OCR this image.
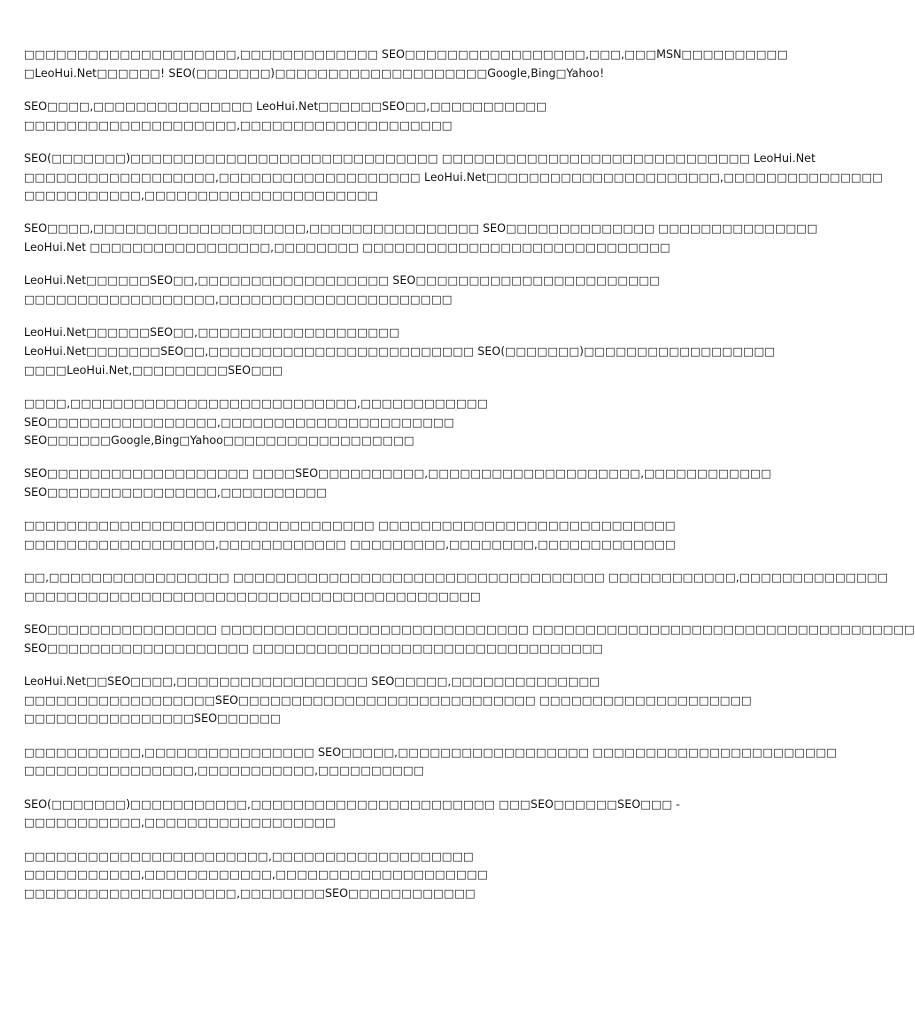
□□□□□□□□□□□□□□□□□□□□,□□□□□□□□□□□□□ SEO□□□□□□□□□□□□□□□□□,□□□,□□□MSN□□□□□□□□□□
□LeoHui.Net□□□□□□! SEO(□□□□□□□)□□□□□□□□□□□□□□□□□□□□Google,Bing□Yahoo!

SEO□□□□,□□□□□□□□□□□□□□□ LeoHui.Net□□□□□□SEO□□,□□□□□□□□□□□
□□□□□□□□□□□□□□□□□□□□,□□□□□□□□□□□□□□□□□□□□

SEO(□□□□□□□)□□□□□□□□□□□□□□□□□□□□□□□□□□□□□ □□□□□□□□□□□□□□□□□□□□□□□□□□□□□ LeoHui.Net
□□□□□□□□□□□□□□□□□□,□□□□□□□□□□□□□□□□□□□ LeoHui.Net□□□□□□□□□□□□□□□□□□□□□□,□□□□□□□□□□□□□□□
□□□□□□□□□□□,□□□□□□□□□□□□□□□□□□□□□□

SEO□□□□,□□□□□□□□□□□□□□□□□□□□,□□□□□□□□□□□□□□□□ SEO□□□□□□□□□□□□□□ □□□□□□□□□□□□□□□
LeoHui.Net □□□□□□□□□□□□□□□□□,□□□□□□□□ □□□□□□□□□□□□□□□□□□□□□□□□□□□□□

LeoHui.Net□□□□□□SEO□□,□□□□□□□□□□□□□□□□□□ SEO□□□□□□□□□□□□□□□□□□□□□□□
□□□□□□□□□□□□□□□□□□,□□□□□□□□□□□□□□□□□□□□□□

LeoHui.Net□□□□□□SEO□□,□□□□□□□□□□□□□□□□□□□
LeoHui.Net□□□□□□□SEO□□,□□□□□□□□□□□□□□□□□□□□□□□□□ SEO(□□□□□□□)□□□□□□□□□□□□□□□□□□
□□□□LeoHui.Net,□□□□□□□□□SEO□□□

□□□□,□□□□□□□□□□□□□□□□□□□□□□□□□□□,□□□□□□□□□□□□
SEO□□□□□□□□□□□□□□□□,□□□□□□□□□□□□□□□□□□□□□□
SEO□□□□□□Google,Bing□Yahoo□□□□□□□□□□□□□□□□□□

SEO□□□□□□□□□□□□□□□□□□□ □□□□SEO□□□□□□□□□□,□□□□□□□□□□□□□□□□□□□□,□□□□□□□□□□□□
SEO□□□□□□□□□□□□□□□□,□□□□□□□□□□

□□□□□□□□□□□□□□□□□□□□□□□□□□□□□□□□□ □□□□□□□□□□□□□□□□□□□□□□□□□□□□
□□□□□□□□□□□□□□□□□□,□□□□□□□□□□□□ □□□□□□□□□,□□□□□□□□,□□□□□□□□□□□□□

□□,□□□□□□□□□□□□□□□□□ □□□□□□□□□□□□□□□□□□□□□□□□□□□□□□□□□□□ □□□□□□□□□□□□,□□□□□□□□□□□□□□
□□□□□□□□□□□□□□□□□□□□□□□□□□□□□□□□□□□□□□□□□□□

SEO□□□□□□□□□□□□□□□□ □□□□□□□□□□□□□□□□□□□□□□□□□□□□□ □□□□□□□□□□□□□□□□□□□□□□□□□□□□□□□□□□□□
SEO□□□□□□□□□□□□□□□□□□□ □□□□□□□□□□□□□□□□□□□□□□□□□□□□□□□□□

LeoHui.Net□□SEO□□□□,□□□□□□□□□□□□□□□□□□ SEO□□□□□,□□□□□□□□□□□□□□
□□□□□□□□□□□□□□□□□□SEO□□□□□□□□□□□□□□□□□□□□□□□□□□□□ □□□□□□□□□□□□□□□□□□□□
□□□□□□□□□□□□□□□□SEO□□□□□□

□□□□□□□□□□□,□□□□□□□□□□□□□□□□ SEO□□□□□,□□□□□□□□□□□□□□□□□□ □□□□□□□□□□□□□□□□□□□□□□□
□□□□□□□□□□□□□□□□,□□□□□□□□□□□,□□□□□□□□□□

SEO(□□□□□□□)□□□□□□□□□□□,□□□□□□□□□□□□□□□□□□□□□□□ □□□SEO□□□□□□SEO□□□ -
□□□□□□□□□□□,□□□□□□□□□□□□□□□□□□

□□□□□□□□□□□□□□□□□□□□□□□,□□□□□□□□□□□□□□□□□□□
□□□□□□□□□□□,□□□□□□□□□□□□,□□□□□□□□□□□□□□□□□□□□
□□□□□□□□□□□□□□□□□□□□,□□□□□□□□SEO□□□□□□□□□□□□
